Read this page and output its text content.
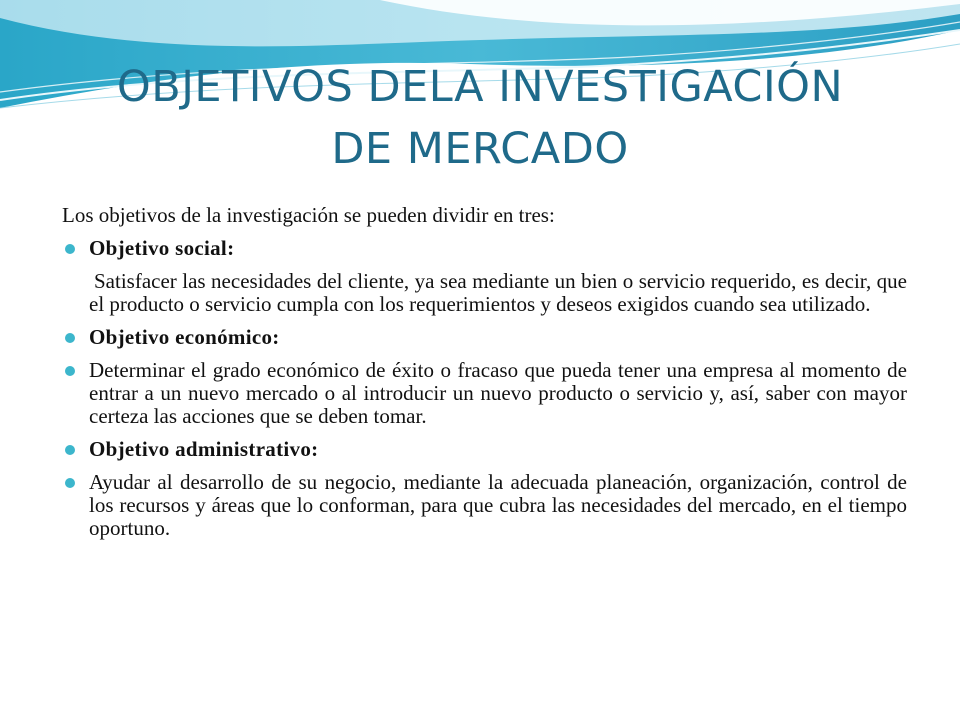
OBJETIVOS DELA INVESTIGACIÓN
DE MERCADO

Los objetivos de la investigación se pueden dividir en tres:

Objetivo social:

Satisfacer las necesidades del cliente, ya sea mediante un bien o servicio requerido, es decir, que el producto o servicio cumpla con los requerimientos y deseos exigidos cuando sea utilizado.

Objetivo económico:
Determinar el grado económico de éxito o fracaso que pueda tener una empresa al momento de entrar a un nuevo mercado o al introducir un nuevo producto o servicio y, así, saber con mayor certeza las acciones que se deben tomar.
Objetivo administrativo:
Ayudar al desarrollo de su negocio, mediante la adecuada planeación, organización, control de los recursos y áreas que lo conforman, para que cubra las necesidades del mercado, en el tiempo oportuno.
